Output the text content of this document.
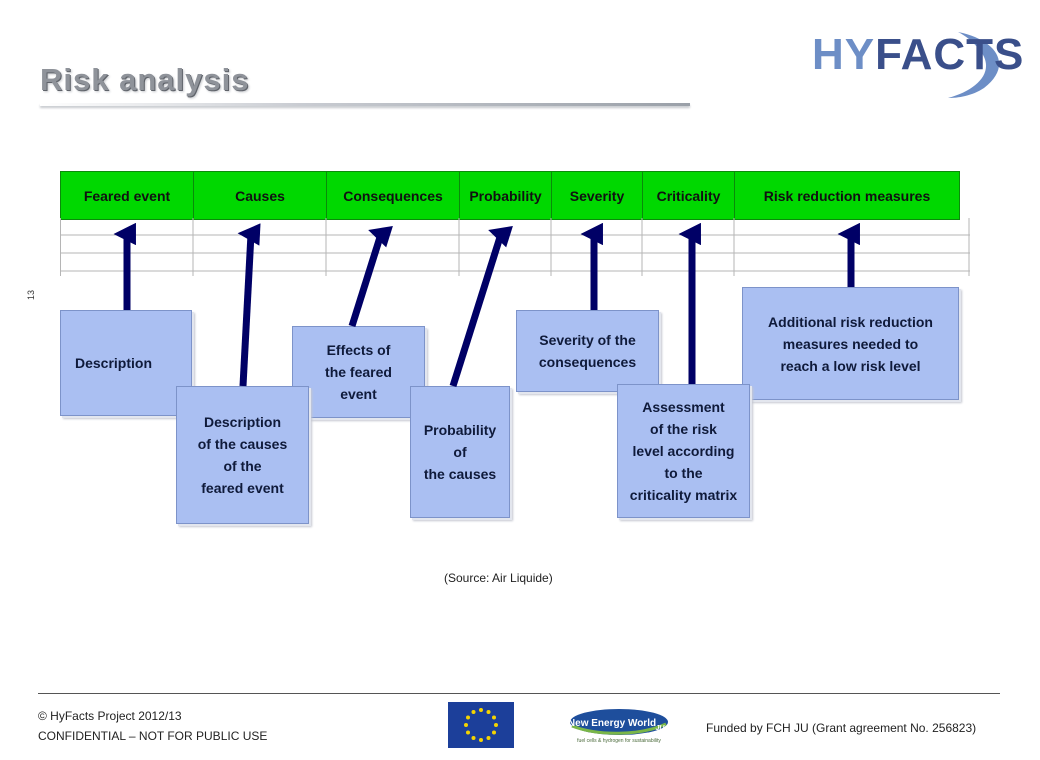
Risk analysis
HYFACTS
13
Feared event	Causes	Consequences	Probability	Severity	Criticality	Risk reduction measures
Description
Effects of
the feared
event
Description
of the causes
of the
feared event
Probability
of
the causes
Severity of the
consequences
Additional risk reduction
measures needed to
reach a low risk level
Assessment
of the risk
level according
to the
criticality matrix
(Source: Air Liquide)
© HyFacts Project 2012/13
CONFIDENTIAL – NOT FOR PUBLIC USE
New Energy World JU
fuel cells & hydrogen for sustainability
Funded by FCH JU (Grant agreement No. 256823)
